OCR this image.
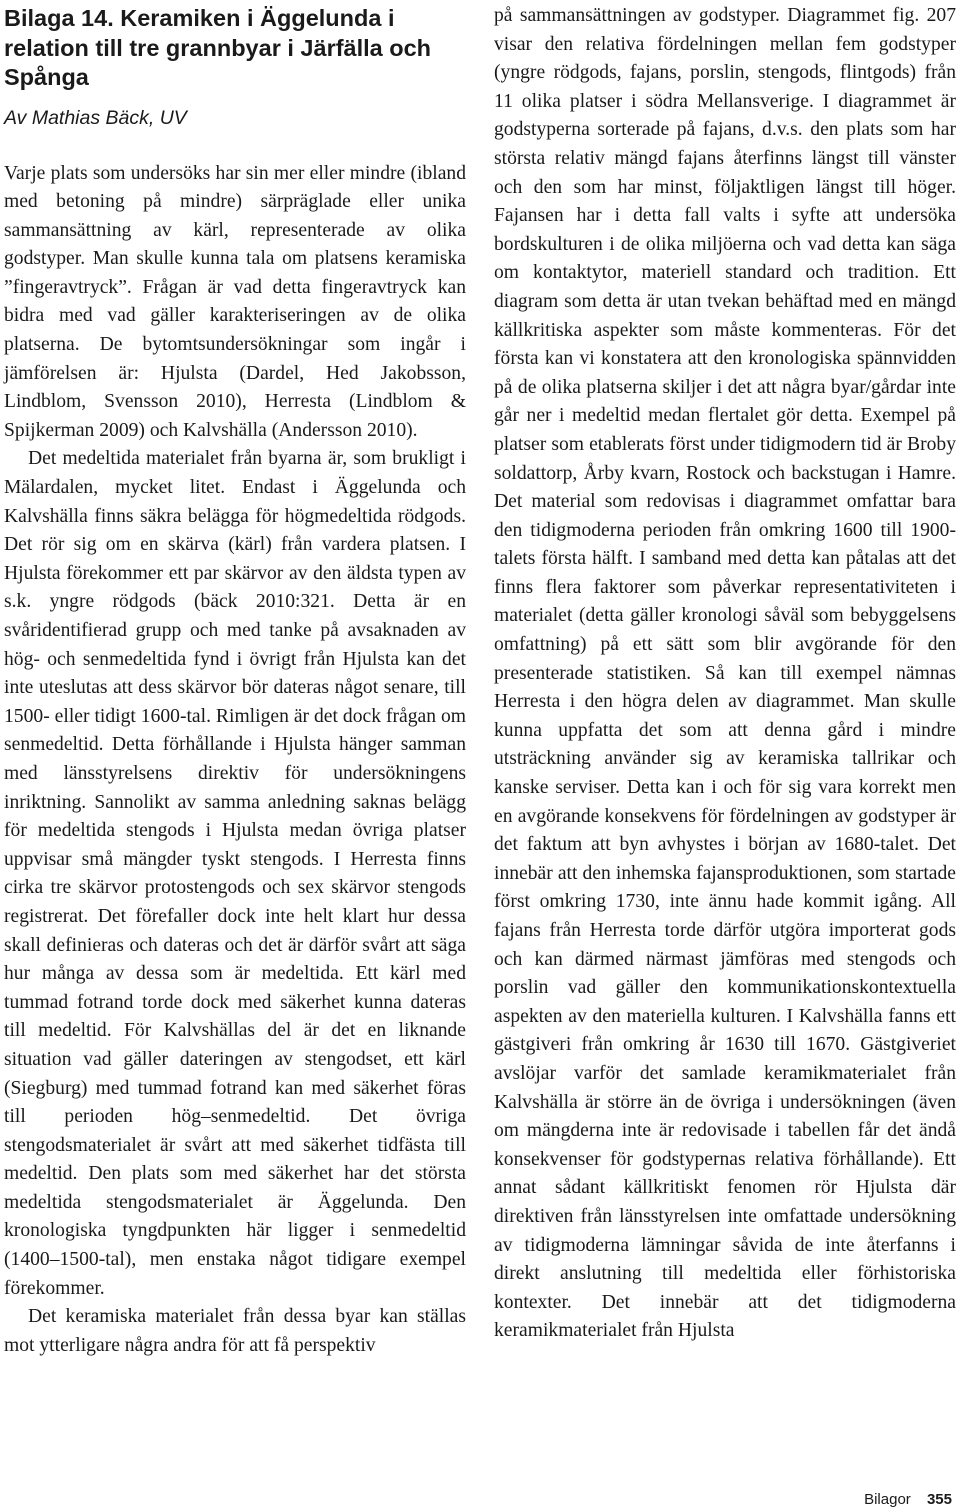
Bilaga 14. Keramiken i Äggelunda i relation till tre grannbyar i Järfälla och Spånga
Av Mathias Bäck, UV

Varje plats som undersöks har sin mer eller mindre (ibland med betoning på mindre) särpräglade eller unika sammansättning av kärl, representerade av olika godstyper. Man skulle kunna tala om platsens keramiska ”fingeravtryck”. Frågan är vad detta fingeravtryck kan bidra med vad gäller karakteriseringen av de olika platserna. De bytomtsundersökningar som ingår i jämförelsen är: Hjulsta (Dardel, Hed Jakobsson, Lindblom, Svensson 2010), Herresta (Lindblom & Spijkerman 2009) och Kalvshälla (Andersson 2010).

Det medeltida materialet från byarna är, som brukligt i Mälardalen, mycket litet. Endast i Äggelunda och Kalvshälla finns säkra belägga för högmedeltida rödgods. Det rör sig om en skärva (kärl) från vardera platsen. I Hjulsta förekommer ett par skärvor av den äldsta typen av s.k. yngre rödgods (bäck 2010:321. Detta är en svåridentifierad grupp och med tanke på avsaknaden av hög- och senmedeltida fynd i övrigt från Hjulsta kan det inte uteslutas att dess skärvor bör dateras något senare, till 1500- eller tidigt 1600-tal. Rimligen är det dock frågan om senmedeltid. Detta förhållande i Hjulsta hänger samman med länsstyrelsens direktiv för undersökningens inriktning. Sannolikt av samma anledning saknas belägg för medeltida stengods i Hjulsta medan övriga platser uppvisar små mängder tyskt stengods. I Herresta finns cirka tre skärvor protostengods och sex skärvor stengods registrerat. Det förefaller dock inte helt klart hur dessa skall definieras och dateras och det är därför svårt att säga hur många av dessa som är medeltida. Ett kärl med tummad fotrand torde dock med säkerhet kunna dateras till medeltid. För Kalvshällas del är det en liknande situation vad gäller dateringen av stengodset, ett kärl (Siegburg) med tummad fotrand kan med säkerhet föras till perioden hög–senmedeltid. Det övriga stengodsmaterialet är svårt att med säkerhet tidfästa till medeltid. Den plats som med säkerhet har det största medeltida stengodsmaterialet är Äggelunda. Den kronologiska tyngdpunkten här ligger i senmedeltid (1400–1500-tal), men enstaka något tidigare exempel förekommer.

Det keramiska materialet från dessa byar kan ställas mot ytterligare några andra för att få perspektiv

på sammansättningen av godstyper. Diagrammet fig. 207 visar den relativa fördelningen mellan fem godstyper (yngre rödgods, fajans, porslin, stengods, flintgods) från 11 olika platser i södra Mellansverige. I diagrammet är godstyperna sorterade på fajans, d.v.s. den plats som har största relativ mängd fajans återfinns längst till vänster och den som har minst, följaktligen längst till höger. Fajansen har i detta fall valts i syfte att undersöka bordskulturen i de olika miljöerna och vad detta kan säga om kontaktytor, materiell standard och tradition. Ett diagram som detta är utan tvekan behäftad med en mängd källkritiska aspekter som måste kommenteras. För det första kan vi konstatera att den kronologiska spännvidden på de olika platserna skiljer i det att några byar/gårdar inte går ner i medeltid medan flertalet gör detta. Exempel på platser som etablerats först under tidigmodern tid är Broby soldattorp, Årby kvarn, Rostock och backstugan i Hamre. Det material som redovisas i diagrammet omfattar bara den tidigmoderna perioden från omkring 1600 till 1900-talets första hälft. I samband med detta kan påtalas att det finns flera faktorer som påverkar representativiteten i materialet (detta gäller kronologi såväl som bebyggelsens omfattning) på ett sätt som blir avgörande för den presenterade statistiken. Så kan till exempel nämnas Herresta i den högra delen av diagrammet. Man skulle kunna uppfatta det som att denna gård i mindre utsträckning använder sig av keramiska tallrikar och kanske serviser. Detta kan i och för sig vara korrekt men en avgörande konsekvens för fördelningen av godstyper är det faktum att byn avhystes i början av 1680-talet. Det innebär att den inhemska fajansproduktionen, som startade först omkring 1730, inte ännu hade kommit igång. All fajans från Herresta torde därför utgöra importerat gods och kan därmed närmast jämföras med stengods och porslin vad gäller den kommunikationskontextuella aspekten av den materiella kulturen. I Kalvshälla fanns ett gästgiveri från omkring år 1630 till 1670. Gästgiveriet avslöjar varför det samlade keramikmaterialet från Kalvshälla är större än de övriga i undersökningen (även om mängderna inte är redovisade i tabellen får det ändå konsekvenser för godstypernas relativa förhållande). Ett annat sådant källkritiskt fenomen rör Hjulsta där direktiven från länsstyrelsen inte omfattade undersökning av tidigmoderna lämningar såvida de inte återfanns i direkt anslutning till medeltida eller förhistoriska kontexter. Det innebär att det tidigmoderna keramikmaterialet från Hjulsta

Bilagor 355
